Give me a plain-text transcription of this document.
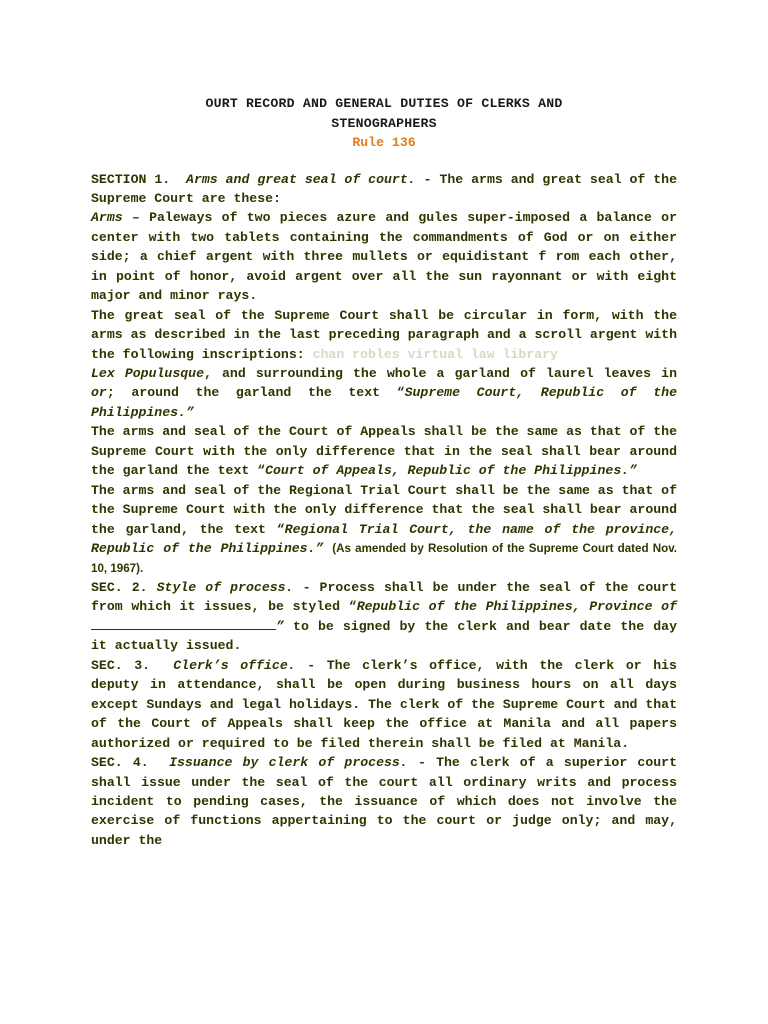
OURT RECORD AND GENERAL DUTIES OF CLERKS AND
STENOGRAPHERS
Rule 136

SECTION 1. Arms and great seal of court. - The arms and great seal of the Supreme Court are these:

Arms – Paleways of two pieces azure and gules super-imposed a balance or center with two tablets containing the commandments of God or on either side; a chief argent with three mullets or equidistant f rom each other, in point of honor, avoid argent over all the sun rayonnant or with eight major and minor rays.

The great seal of the Supreme Court shall be circular in form, with the arms as described in the last preceding paragraph and a scroll argent with the following inscriptions: chan robles virtual law library

Lex Populusque, and surrounding the whole a garland of laurel leaves in or; around the garland the text “Supreme Court, Republic of the Philippines.”

The arms and seal of the Court of Appeals shall be the same as that of the Supreme Court with the only difference that in the seal shall bear around the garland the text “Court of Appeals, Republic of the Philippines.”

The arms and seal of the Regional Trial Court shall be the same as that of the Supreme Court with the only difference that the seal shall bear around the garland, the text “Regional Trial Court, the name of the province, Republic of the Philippines.” (As amended by Resolution of the Supreme Court dated Nov. 10, 1967).

SEC. 2. Style of process. - Process shall be under the seal of the court from which it issues, be styled “Republic of the Philippines, Province of ” to be signed by the clerk and bear date the day it actually issued.

SEC. 3. Clerk’s office. - The clerk’s office, with the clerk or his deputy in attendance, shall be open during business hours on all days except Sundays and legal holidays. The clerk of the Supreme Court and that of the Court of Appeals shall keep the office at Manila and all papers authorized or required to be filed therein shall be filed at Manila.

SEC. 4. Issuance by clerk of process. - The clerk of a superior court shall issue under the seal of the court all ordinary writs and process incident to pending cases, the issuance of which does not involve the exercise of functions appertaining to the court or judge only; and may, under the
